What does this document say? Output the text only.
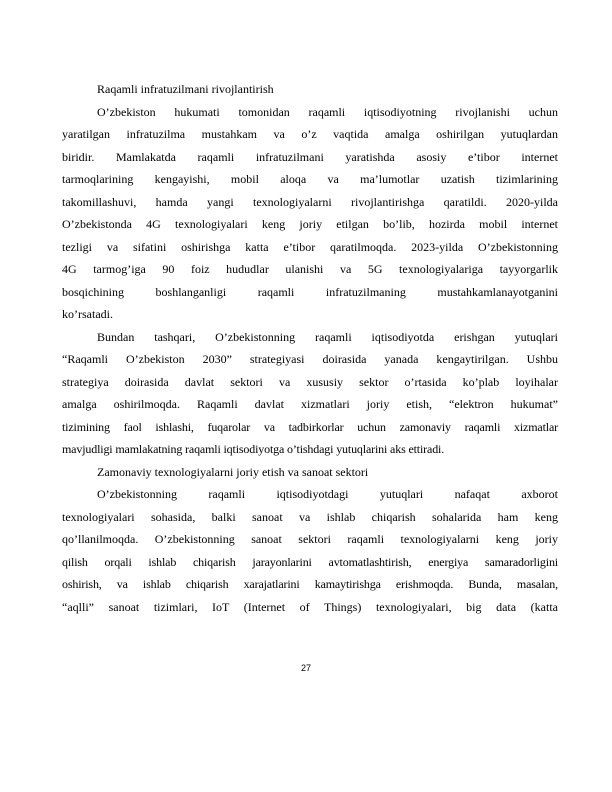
Raqamli infratuzilmani rivojlantirish
O’zbekiston hukumati tomonidan raqamli iqtisodiyotning rivojlanishi uchun
yaratilgan infratuzilma mustahkam va o’z vaqtida amalga oshirilgan yutuqlardan
biridir. Mamlakatda raqamli infratuzilmani yaratishda asosiy e’tibor internet
tarmoqlarining kengayishi, mobil aloqa va ma’lumotlar uzatish tizimlarining
takomillashuvi, hamda yangi texnologiyalarni rivojlantirishga qaratildi. 2020-yilda
O’zbekistonda 4G texnologiyalari keng joriy etilgan bo’lib, hozirda mobil internet
tezligi va sifatini oshirishga katta e’tibor qaratilmoqda. 2023-yilda O’zbekistonning
4G tarmog’iga 90 foiz hududlar ulanishi va 5G texnologiyalariga tayyorgarlik
bosqichining boshlanganligi raqamli infratuzilmaning mustahkamlanayotganini
ko’rsatadi.
Bundan tashqari, O’zbekistonning raqamli iqtisodiyotda erishgan yutuqlari
“Raqamli O’zbekiston 2030” strategiyasi doirasida yanada kengaytirilgan. Ushbu
strategiya doirasida davlat sektori va xususiy sektor o’rtasida ko’plab loyihalar
amalga oshirilmoqda. Raqamli davlat xizmatlari joriy etish, “elektron hukumat”
tizimining faol ishlashi, fuqarolar va tadbirkorlar uchun zamonaviy raqamli xizmatlar
mavjudligi mamlakatning raqamli iqtisodiyotga o’tishdagi yutuqlarini aks ettiradi.
Zamonaviy texnologiyalarni joriy etish va sanoat sektori
O’zbekistonning raqamli iqtisodiyotdagi yutuqlari nafaqat axborot
texnologiyalari sohasida, balki sanoat va ishlab chiqarish sohalarida ham keng
qo’llanilmoqda. O’zbekistonning sanoat sektori raqamli texnologiyalarni keng joriy
qilish orqali ishlab chiqarish jarayonlarini avtomatlashtirish, energiya samaradorligini
oshirish, va ishlab chiqarish xarajatlarini kamaytirishga erishmoqda. Bunda, masalan,
“aqlli” sanoat tizimlari, IoT (Internet of Things) texnologiyalari, big data (katta
27
